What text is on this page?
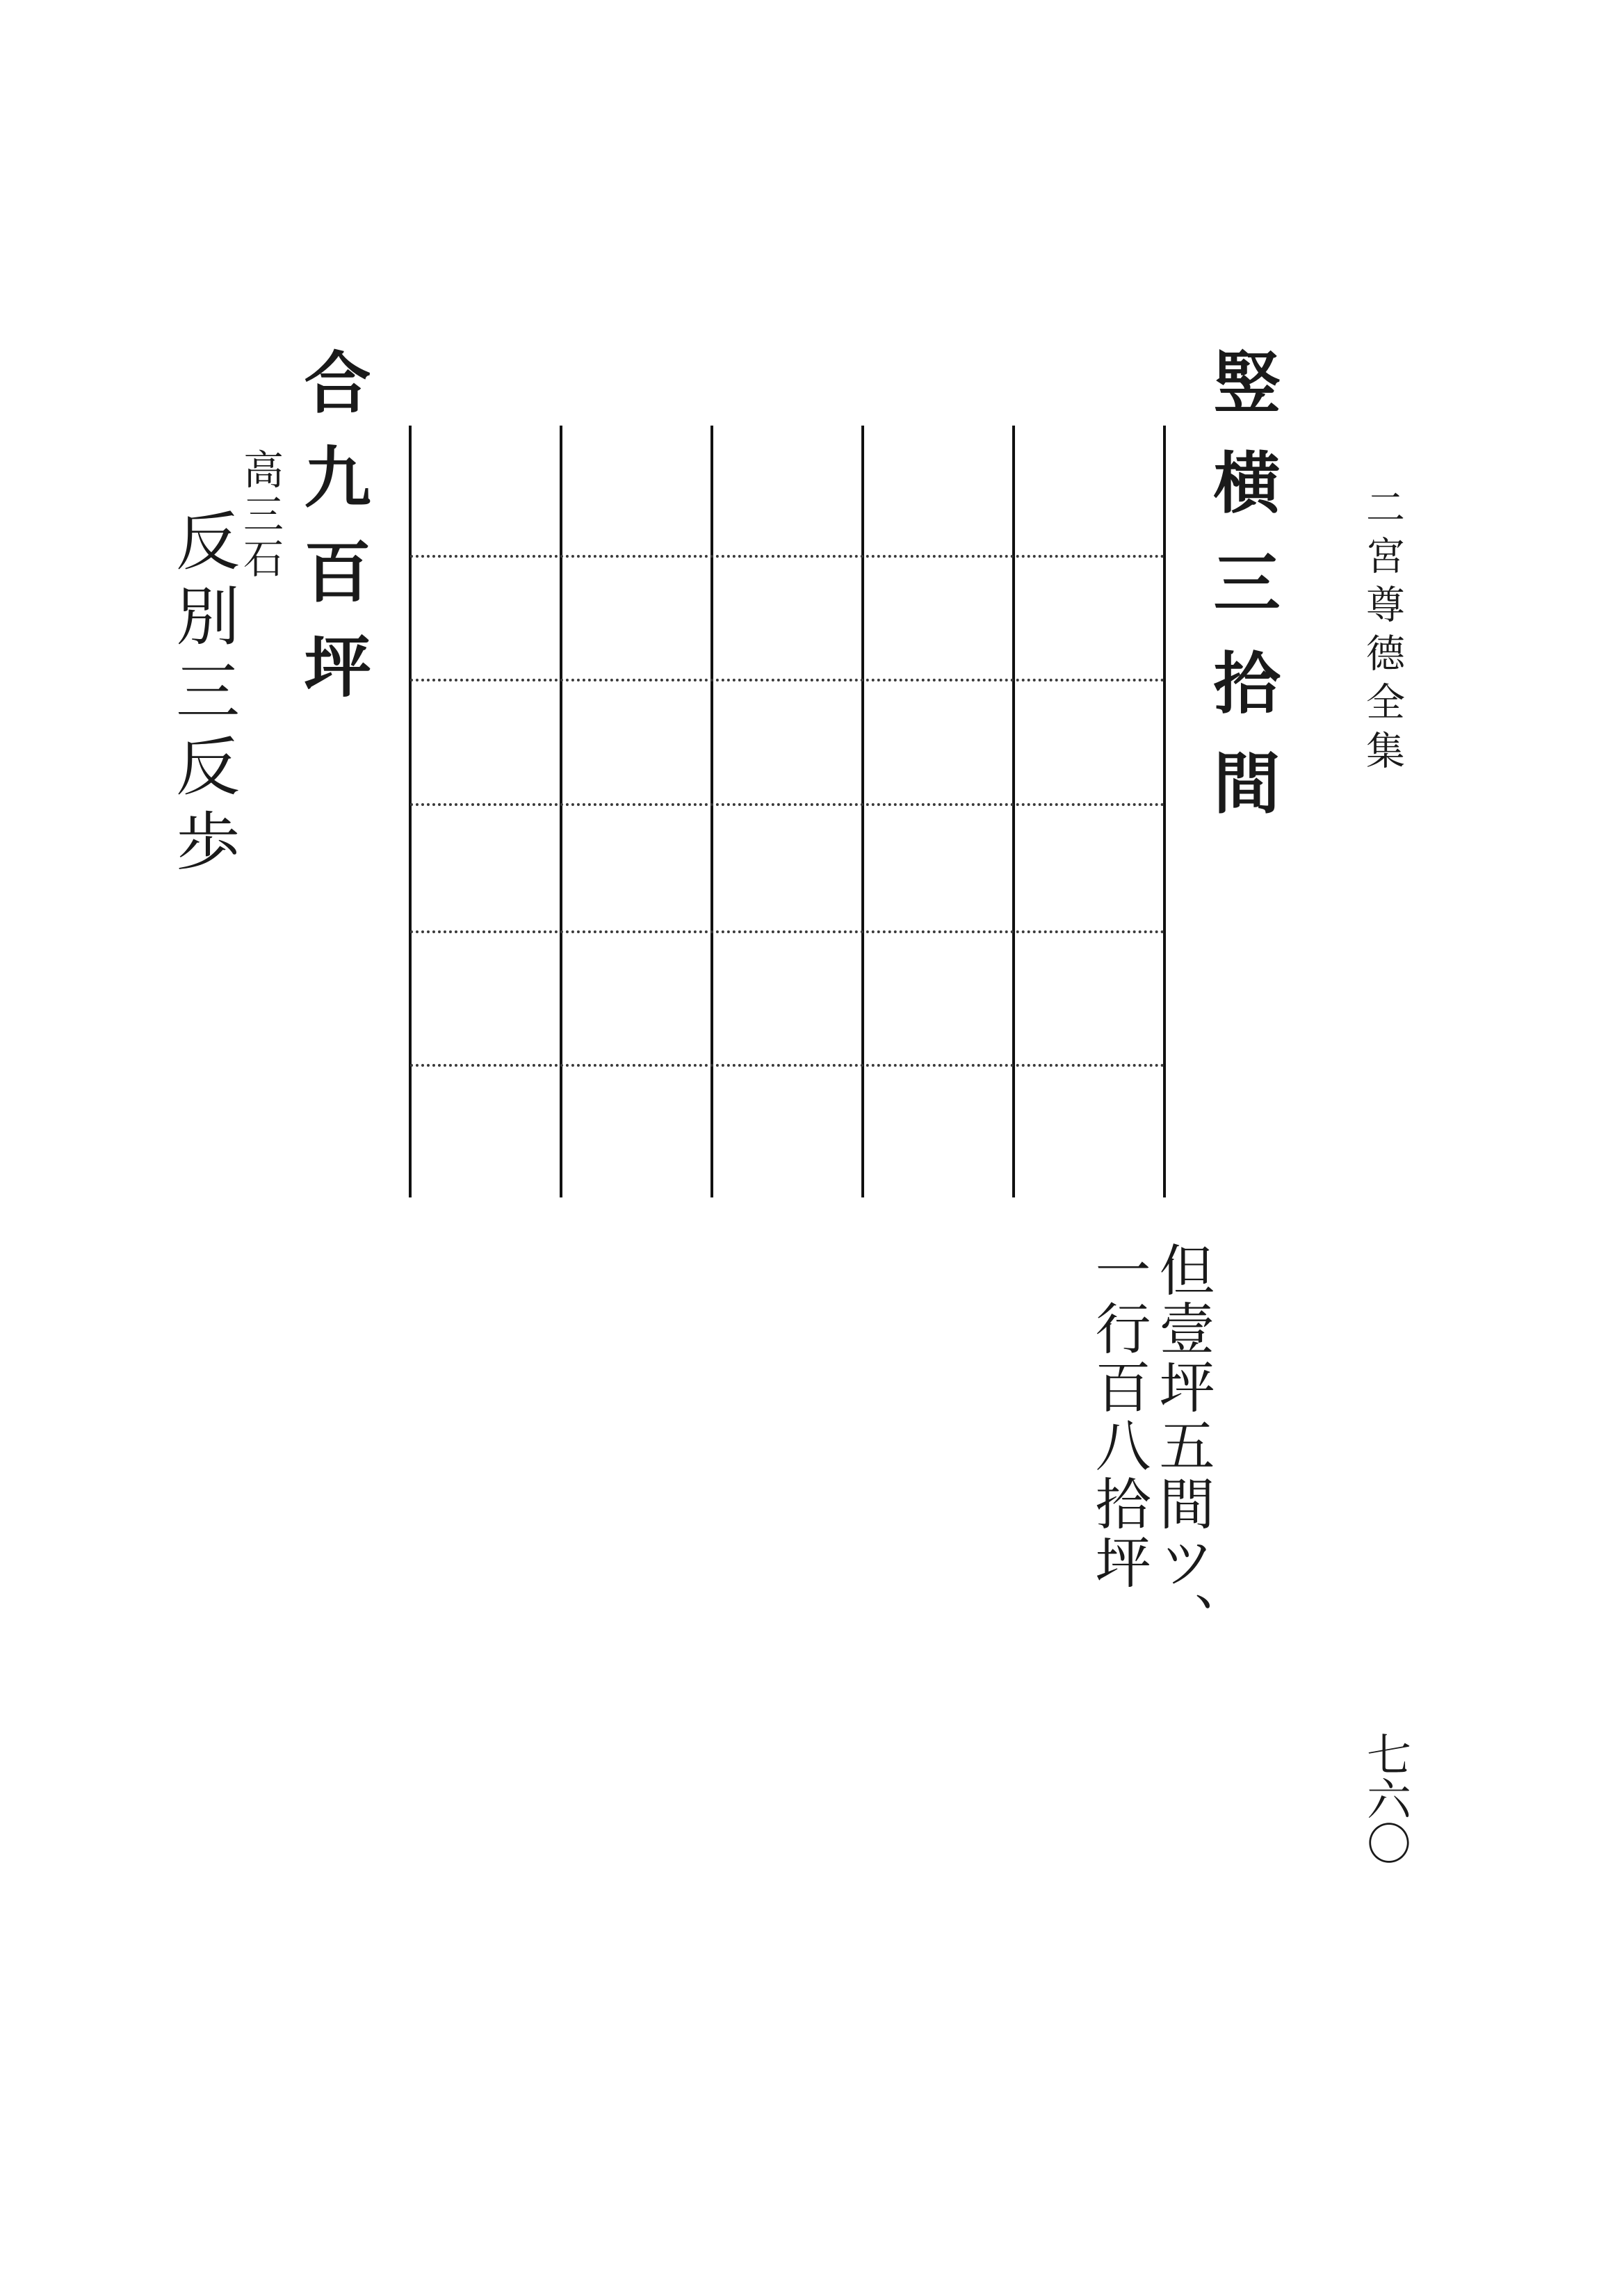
二宮尊德全集
竪横三拾間
但壹坪五間ツ、
一行百八拾坪
合九百坪
高三石
反別三反歩
七六〇
